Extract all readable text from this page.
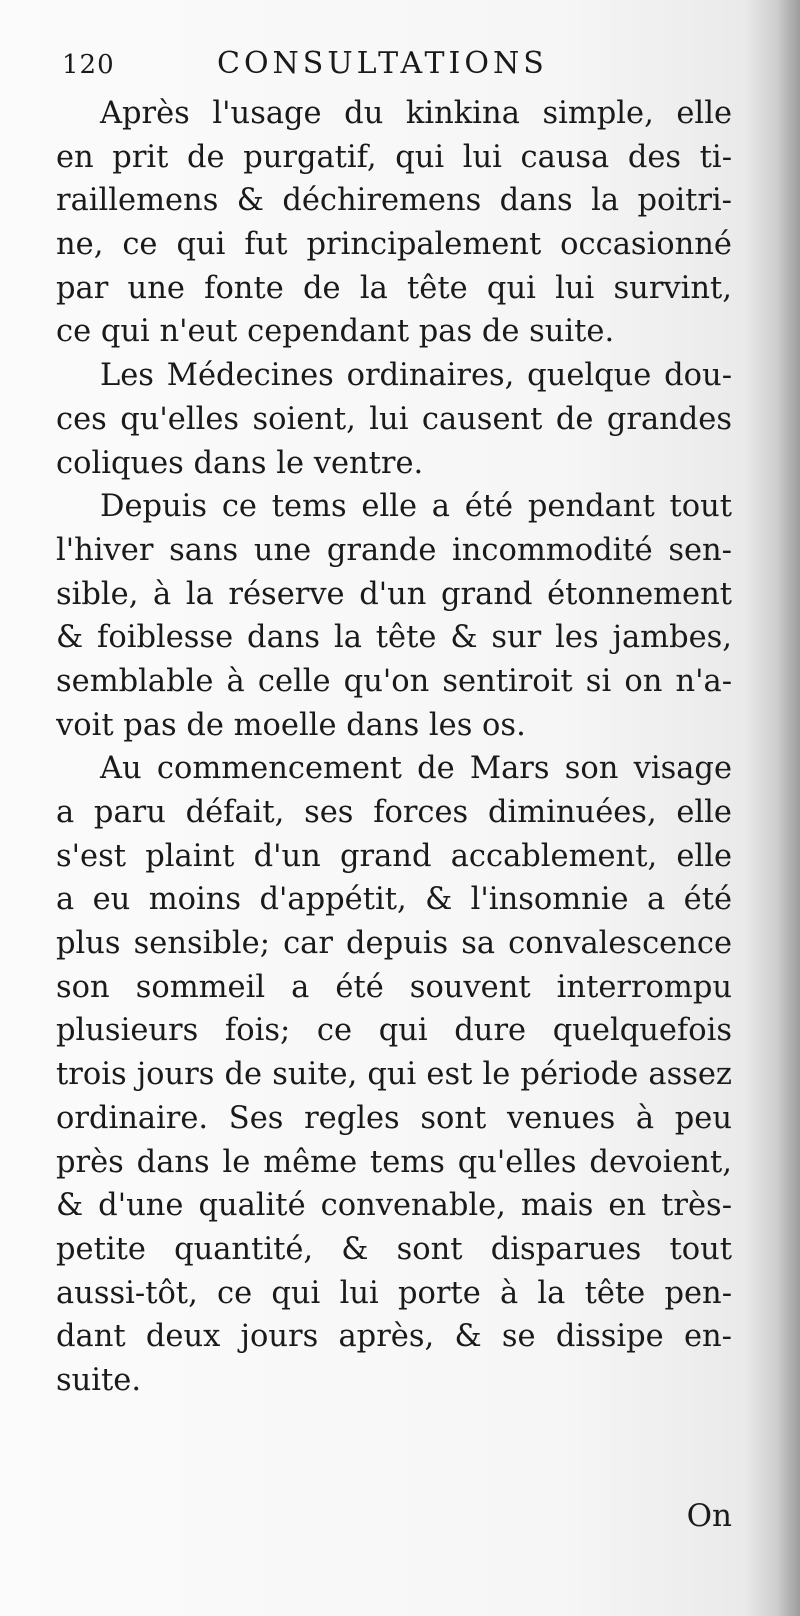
120	CONSULTATIONS
Après l'usage du kinkina simple, elle
en prit de purgatif, qui lui causa des ti-
raillemens & déchiremens dans la poitri-
ne, ce qui fut principalement occasionné
par une fonte de la tête qui lui survint,
ce qui n'eut cependant pas de suite.
Les Médecines ordinaires, quelque dou-
ces qu'elles soient, lui causent de grandes
coliques dans le ventre.
Depuis ce tems elle a été pendant tout
l'hiver sans une grande incommodité sen-
sible, à la réserve d'un grand étonnement
& foiblesse dans la tête & sur les jambes,
semblable à celle qu'on sentiroit si on n'a-
voit pas de moelle dans les os.
Au commencement de Mars son visage
a paru défait, ses forces diminuées, elle
s'est plaint d'un grand accablement, elle
a eu moins d'appétit, & l'insomnie a été
plus sensible; car depuis sa convalescence
son sommeil a été souvent interrompu
plusieurs fois; ce qui dure quelquefois
trois jours de suite, qui est le période assez
ordinaire. Ses regles sont venues à peu
près dans le même tems qu'elles devoient,
& d'une qualité convenable, mais en très-
petite quantité, & sont disparues tout
aussi-tôt, ce qui lui porte à la tête pen-
dant deux jours après, & se dissipe en-
suite.
On
